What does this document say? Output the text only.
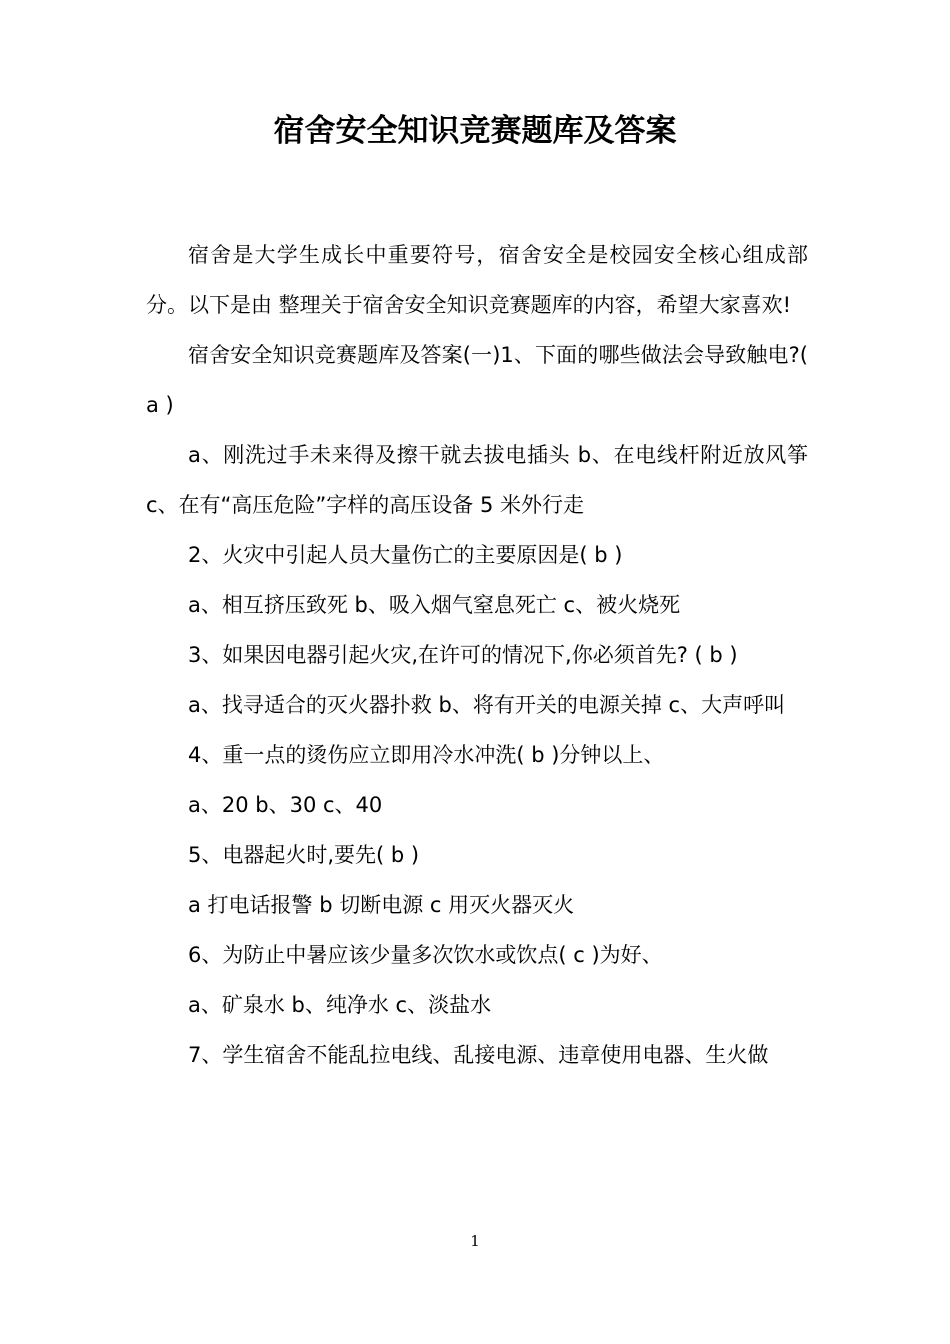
宿舍安全知识竞赛题库及答案

宿舍是大学生成长中重要符号，宿舍安全是校园安全核心组成部分。以下是由 整理关于宿舍安全知识竞赛题库的内容，希望大家喜欢!

宿舍安全知识竞赛题库及答案(一)1、下面的哪些做法会导致触电?( a )

a、刚洗过手未来得及擦干就去拔电插头 b、在电线杆附近放风筝 c、在有“高压危险”字样的高压设备 5 米外行走

2、火灾中引起人员大量伤亡的主要原因是( b )

a、相互挤压致死 b、吸入烟气窒息死亡 c、被火烧死

3、如果因电器引起火灾,在许可的情况下,你必须首先? ( b )

a、找寻适合的灭火器扑救 b、将有开关的电源关掉 c、大声呼叫

4、重一点的烫伤应立即用冷水冲洗( b )分钟以上、

a、20 b、30 c、40

5、电器起火时,要先( b )

a 打电话报警 b 切断电源 c 用灭火器灭火

6、为防止中暑应该少量多次饮水或饮点( c )为好、

a、矿泉水 b、纯净水 c、淡盐水

7、学生宿舍不能乱拉电线、乱接电源、违章使用电器、生火做

1
